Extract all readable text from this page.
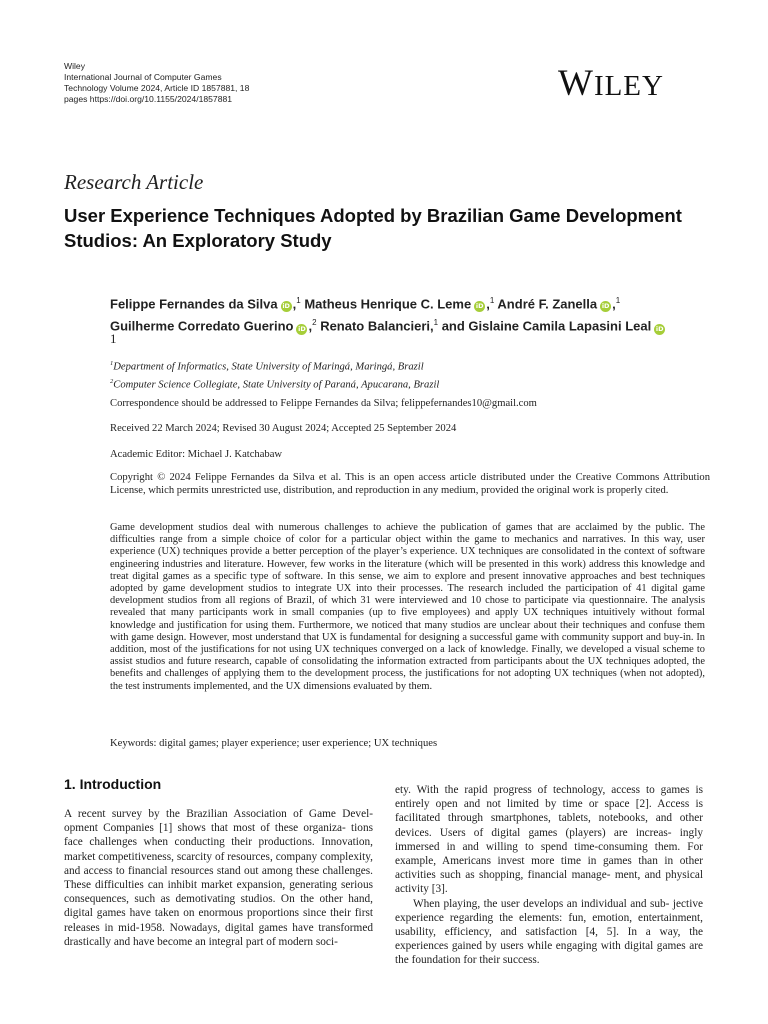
Wiley
International Journal of Computer Games
Technology Volume 2024, Article ID 1857881, 18
pages https://doi.org/10.1155/2024/1857881	WILEY
Research Article
User Experience Techniques Adopted by Brazilian Game Development Studios: An Exploratory Study
Felippe Fernandes da Silva iD ,$^1$ Matheus Henrique C. Leme iD ,$^1$ André F. Zanella iD ,$^1$
Guilherme Corredato Guerino iD ,$^2$ Renato Balancieri,$^1$ and Gislaine Camila Lapasini Leal iD
1
$^1$Department of Informatics, State University of Maringá, Maringá, Brazil
$^2$Computer Science Collegiate, State University of Paraná, Apucarana, Brazil
Correspondence should be addressed to Felippe Fernandes da Silva; felippefernandes10@gmail.com
Received 22 March 2024; Revised 30 August 2024; Accepted 25 September 2024
Academic Editor: Michael J. Katchabaw
Copyright © 2024 Felippe Fernandes da Silva et al. This is an open access article distributed under the Creative Commons Attribution License, which permits unrestricted use, distribution, and reproduction in any medium, provided the original work is properly cited.
Game development studios deal with numerous challenges to achieve the publication of games that are acclaimed by the public. The difficulties range from a simple choice of color for a particular object within the game to mechanics and narratives. In this way, user experience (UX) techniques provide a better perception of the player’s experience. UX techniques are consolidated in the context of software engineering industries and literature. However, few works in the literature (which will be presented in this work) address this knowledge and treat digital games as a specific type of software. In this sense, we aim to explore and present innovative approaches and best techniques adopted by game development studios to integrate UX into their processes. The research included the participation of 41 digital game development studios from all regions of Brazil, of which 31 were interviewed and 10 chose to participate via questionnaire. The analysis revealed that many participants work in small companies (up to five employees) and apply UX techniques intuitively without formal knowledge and justification for using them. Furthermore, we noticed that many studios are unclear about their techniques and confuse them with game design. However, most understand that UX is fundamental for designing a successful game with community support and buy-in. In addition, most of the justifications for not using UX techniques converged on a lack of knowledge. Finally, we developed a visual scheme to assist studios and future research, capable of consolidating the information extracted from participants about the UX techniques adopted, the benefits and challenges of applying them to the development process, the justifications for not adopting UX techniques (when not adopted), the test instruments implemented, and the UX dimensions evaluated by them.
Keywords: digital games; player experience; user experience; UX techniques
1. Introduction

A recent survey by the Brazilian Association of Game Devel- opment Companies [1] shows that most of these organiza- tions face challenges when conducting their productions. Innovation, market competitiveness, scarcity of resources, company complexity, and access to financial resources stand out among these challenges. These difficulties can inhibit market expansion, generating serious consequences, such as demotivating studios. On the other hand, digital games have taken on enormous proportions since their first releases in mid-1958. Nowadays, digital games have transformed drastically and have become an integral part of modern soci-

ety. With the rapid progress of technology, access to games is entirely open and not limited by time or space [2]. Access is facilitated through smartphones, tablets, notebooks, and other devices. Users of digital games (players) are increas- ingly immersed in and willing to spend time-consuming them. For example, Americans invest more time in games than in other activities such as shopping, financial manage- ment, and physical activity [3].

When playing, the user develops an individual and sub- jective experience regarding the elements: fun, emotion, entertainment, usability, efficiency, and satisfaction [4, 5]. In a way, the experiences gained by users while engaging with digital games are the foundation for their success.
